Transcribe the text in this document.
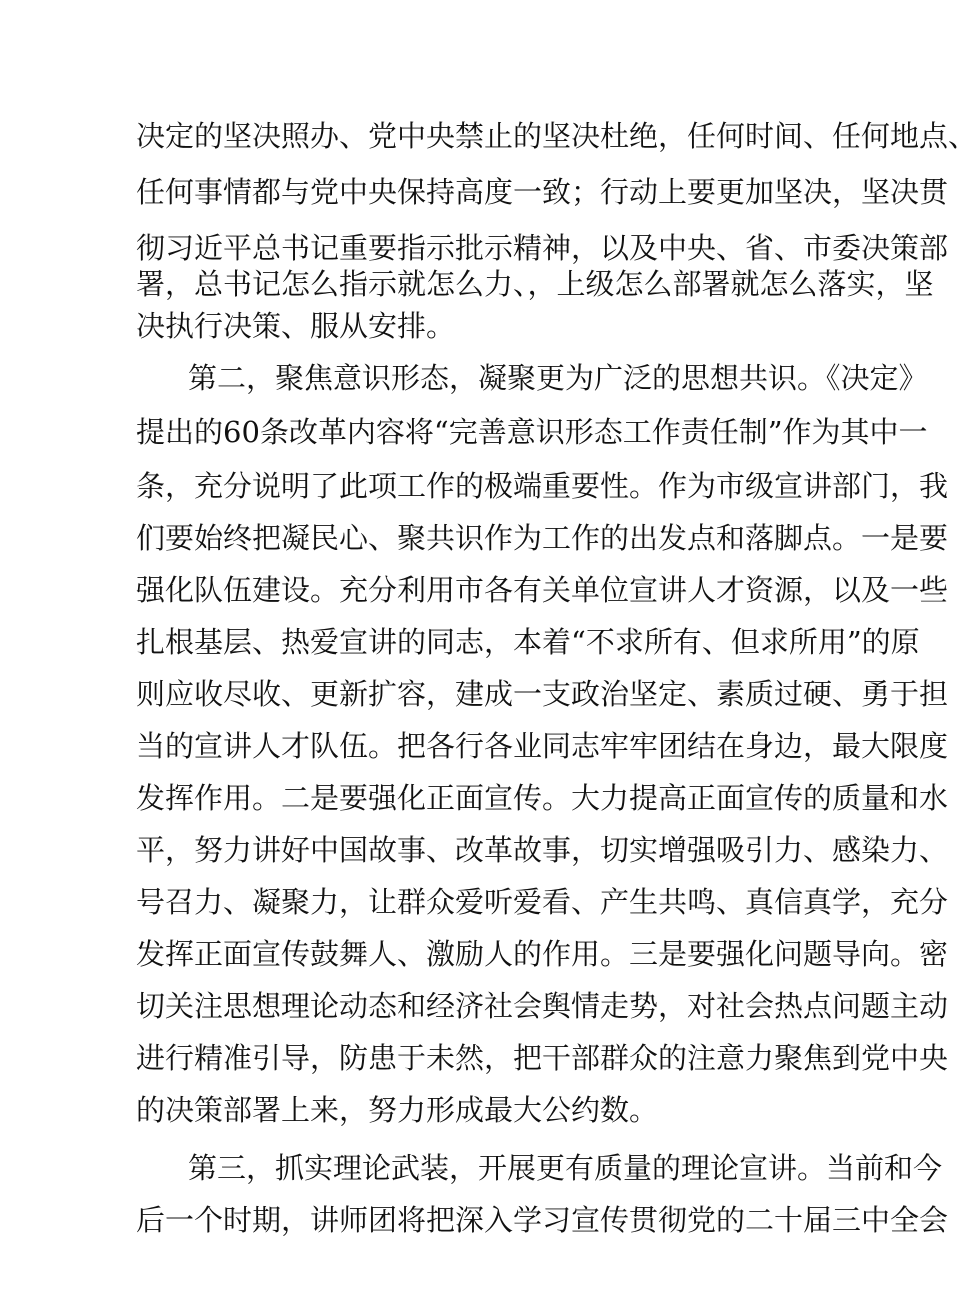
决定的坚决照办、党中央禁止的坚决杜绝，任何时间、任何地点、
任何事情都与党中央保持高度一致；行动上要更加坚决，坚决贯
彻习近平总书记重要指示批示精神，以及中央、省、市委决策部
署，总书记怎么指示就怎么力、，上级怎么部署就怎么落实，坚
决执行决策、服从安排。
第二，聚焦意识形态，凝聚更为广泛的思想共识。《决定》
提出的60条改革内容将“完善意识形态工作责任制”作为其中一
条，充分说明了此项工作的极端重要性。作为市级宣讲部门，我
们要始终把凝民心、聚共识作为工作的出发点和落脚点。一是要
强化队伍建设。充分利用市各有关单位宣讲人才资源，以及一些
扎根基层、热爱宣讲的同志，本着“不求所有、但求所用”的原
则应收尽收、更新扩容，建成一支政治坚定、素质过硬、勇于担
当的宣讲人才队伍。把各行各业同志牢牢团结在身边，最大限度
发挥作用。二是要强化正面宣传。大力提高正面宣传的质量和水
平，努力讲好中国故事、改革故事，切实增强吸引力、感染力、
号召力、凝聚力，让群众爱听爱看、产生共鸣、真信真学，充分
发挥正面宣传鼓舞人、激励人的作用。三是要强化问题导向。密
切关注思想理论动态和经济社会舆情走势，对社会热点问题主动
进行精准引导，防患于未然，把干部群众的注意力聚焦到党中央
的决策部署上来，努力形成最大公约数。
第三，抓实理论武装，开展更有质量的理论宣讲。当前和今
后一个时期，讲师团将把深入学习宣传贯彻党的二十届三中全会
